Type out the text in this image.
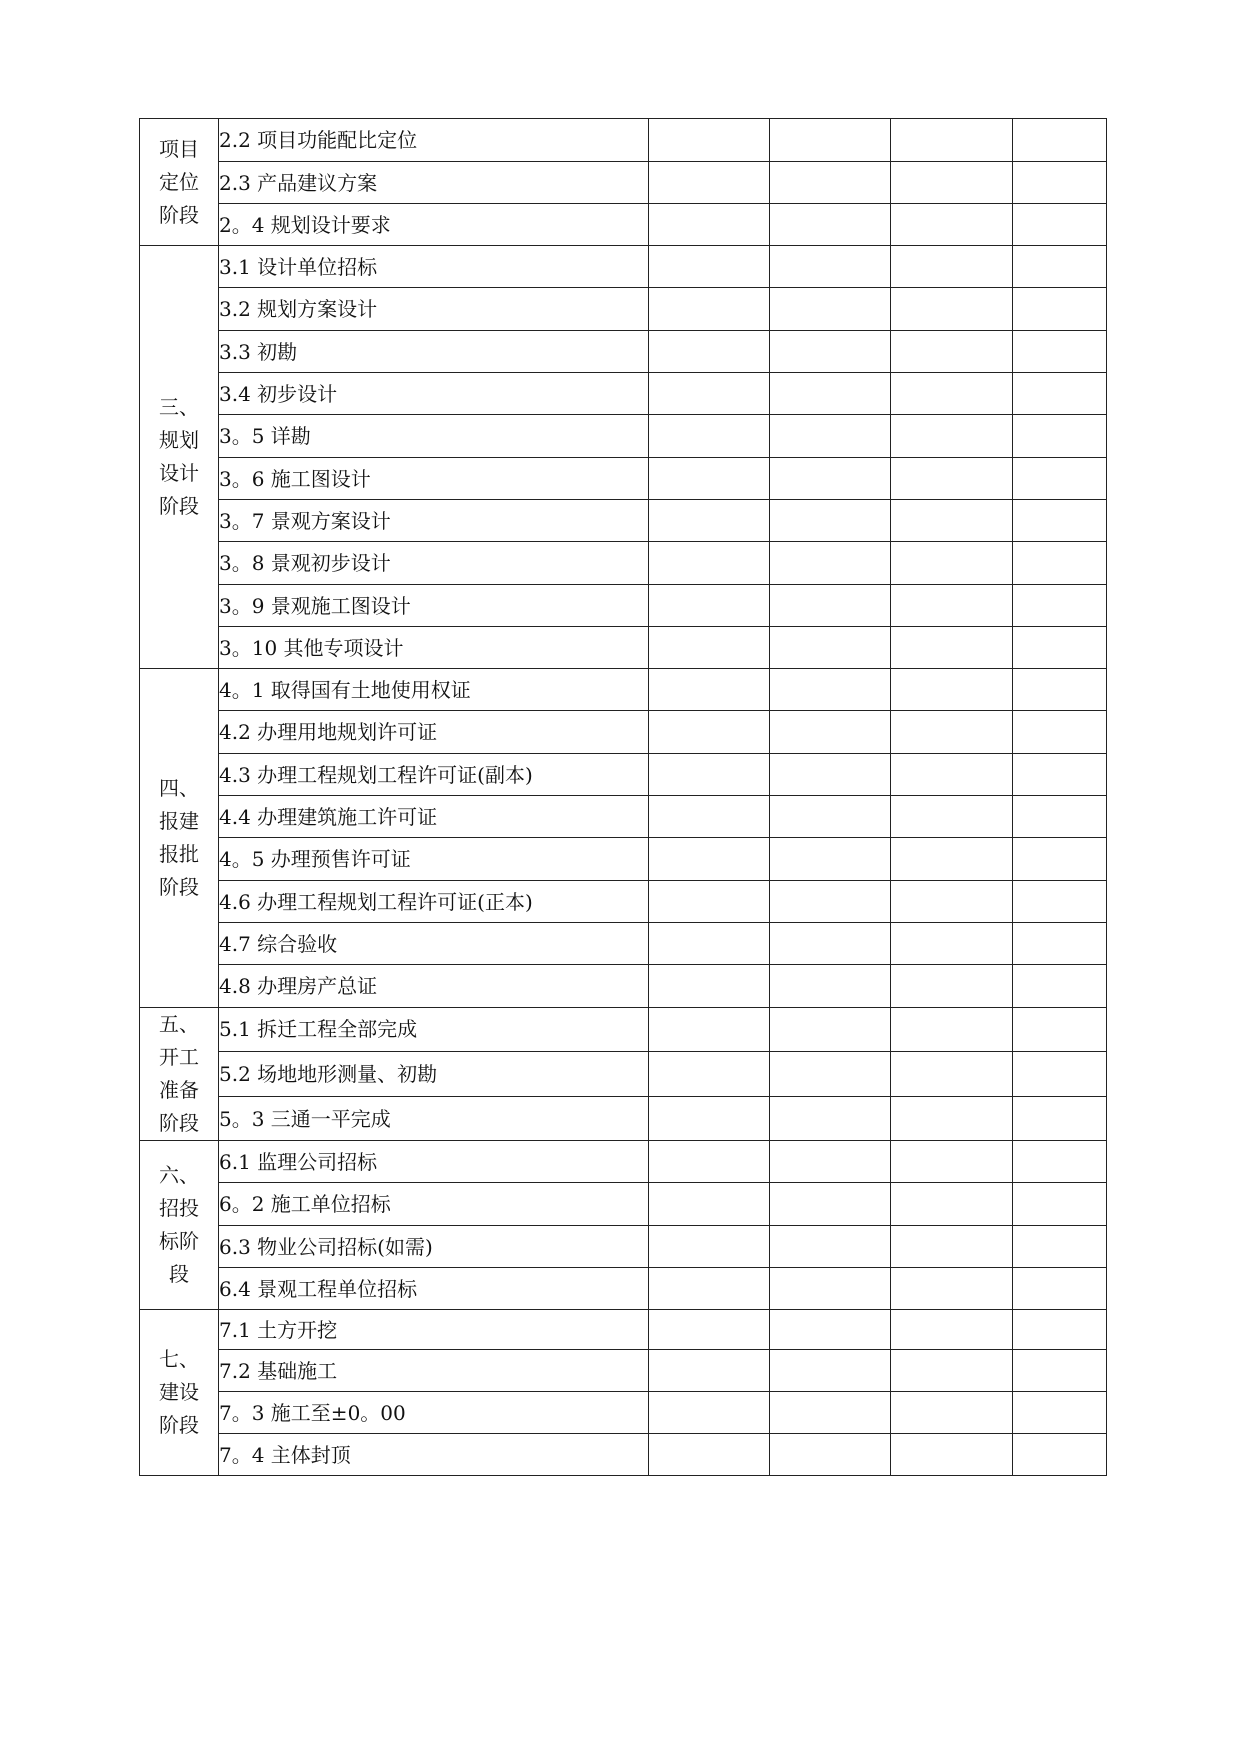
项目定位阶段	2.2 项目功能配比定位				
	2.3 产品建议方案				
	2。4 规划设计要求				
三、规划设计阶段	3.1 设计单位招标				
	3.2 规划方案设计				
	3.3 初勘				
	3.4 初步设计				
	3。5 详勘				
	3。6 施工图设计				
	3。7 景观方案设计				
	3。8 景观初步设计				
	3。9 景观施工图设计				
	3。10 其他专项设计				
四、报建报批阶段	4。1 取得国有土地使用权证				
	4.2 办理用地规划许可证				
	4.3 办理工程规划工程许可证(副本)				
	4.4 办理建筑施工许可证				
	4。5 办理预售许可证				
	4.6 办理工程规划工程许可证(正本)				
	4.7 综合验收				
	4.8 办理房产总证				
五、开工准备阶段	5.1 拆迁工程全部完成				
	5.2 场地地形测量、初勘				
	5。3 三通一平完成				
六、招投标阶段	6.1 监理公司招标				
	6。2 施工单位招标				
	6.3 物业公司招标(如需)				
	6.4 景观工程单位招标				
七、建设阶段	7.1 土方开挖				
	7.2 基础施工				
	7。3 施工至±0。00				
	7。4 主体封顶				
